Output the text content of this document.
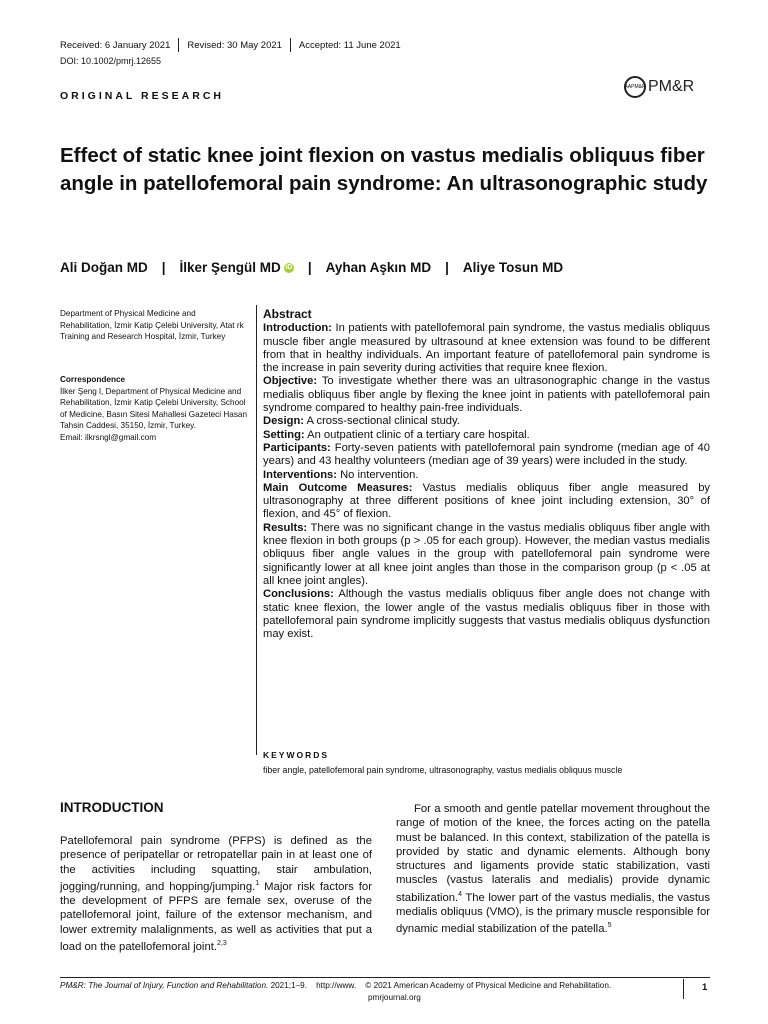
Received: 6 January 2021 Revised: 30 May 2021 Accepted: 11 June 2021
DOI: 10.1002/pmrj.12655
ORIGINAL RESEARCH
AAPM&R PM&R
Effect of static knee joint flexion on vastus medialis obliquus fiber angle in patellofemoral pain syndrome: An ultrasonographic study
Ali Doğan MD | İlker Şengül MD iD | Ayhan Aşkın MD | Aliye Tosun MD
Department of Physical Medicine and Rehabilitation, İzmir Katip Çelebi University, Atat rk Training and Research Hospital, İzmir, Turkey
Correspondence
İlker Şeng l, Department of Physical Medicine and Rehabilitation, İzmir Katip Çelebi University, School of Medicine, Basın Sitesi Mahallesi Gazeteci Hasan Tahsin Caddesi, 35150, İzmir, Turkey.
Email: ilkrsngl@gmail.com
Abstract

Introduction: In patients with patellofemoral pain syndrome, the vastus medialis obliquus muscle fiber angle measured by ultrasound at knee extension was found to be different from that in healthy individuals. An important feature of patellofemoral pain syndrome is the increase in pain severity during activities that require knee flexion.

Objective: To investigate whether there was an ultrasonographic change in the vastus medialis obliquus fiber angle by flexing the knee joint in patients with patellofemoral pain syndrome compared to healthy pain-free individuals.

Design: A cross-sectional clinical study.

Setting: An outpatient clinic of a tertiary care hospital.

Participants: Forty-seven patients with patellofemoral pain syndrome (median age of 40 years) and 43 healthy volunteers (median age of 39 years) were included in the study.

Interventions: No intervention.

Main Outcome Measures: Vastus medialis obliquus fiber angle measured by ultrasonography at three different positions of knee joint including extension, 30° of flexion, and 45° of flexion.

Results: There was no significant change in the vastus medialis obliquus fiber angle with knee flexion in both groups (p > .05 for each group). However, the median vastus medialis obliquus fiber angle values in the group with patellofemoral pain syndrome were significantly lower at all knee joint angles than those in the comparison group (p < .05 at all knee joint angles).

Conclusions: Although the vastus medialis obliquus fiber angle does not change with static knee flexion, the lower angle of the vastus medialis obliquus fiber in those with patellofemoral pain syndrome implicitly suggests that vastus medialis obliquus dysfunction may exist.

KEYWORDS
fiber angle, patellofemoral pain syndrome, ultrasonography, vastus medialis obliquus muscle
INTRODUCTION
Patellofemoral pain syndrome (PFPS) is defined as the presence of peripatellar or retropatellar pain in at least one of the activities including squatting, stair ambulation, jogging/running, and hopping/jumping.$^1$ Major risk factors for the development of PFPS are female sex, overuse of the patellofemoral joint, failure of the extensor mechanism, and lower extremity malalignments, as well as activities that put a load on the patellofemoral joint.$^{2,3}$
For a smooth and gentle patellar movement throughout the range of motion of the knee, the forces acting on the patella must be balanced. In this context, stabilization of the patella is provided by static and dynamic elements. Although bony structures and ligaments provide static stabilization, vasti muscles (vastus lateralis and medialis) provide dynamic stabilization.$^4$ The lower part of the vastus medialis, the vastus medialis obliquus (VMO), is the primary muscle responsible for dynamic medial stabilization of the patella.$^5$
PM&R: The Journal of Injury, Function and Rehabilitation. 2021;1–9. http://www. © 2021 American Academy of Physical Medicine and Rehabilitation.
pmrjournal.org
1
